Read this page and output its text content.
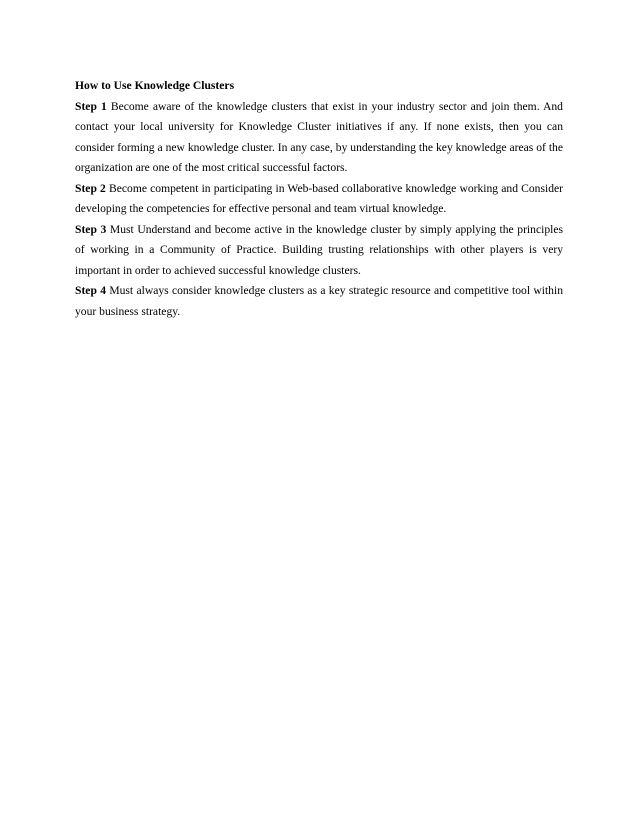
How to Use Knowledge Clusters

Step 1 Become aware of the knowledge clusters that exist in your industry sector and join them. And contact your local university for Knowledge Cluster initiatives if any. If none exists, then you can consider forming a new knowledge cluster. In any case, by understanding the key knowledge areas of the organization are one of the most critical successful factors.

Step 2 Become competent in participating in Web-based collaborative knowledge working and Consider developing the competencies for effective personal and team virtual knowledge.

Step 3 Must Understand and become active in the knowledge cluster by simply applying the principles of working in a Community of Practice. Building trusting relationships with other players is very important in order to achieved successful knowledge clusters.

Step 4 Must always consider knowledge clusters as a key strategic resource and competitive tool within your business strategy.
